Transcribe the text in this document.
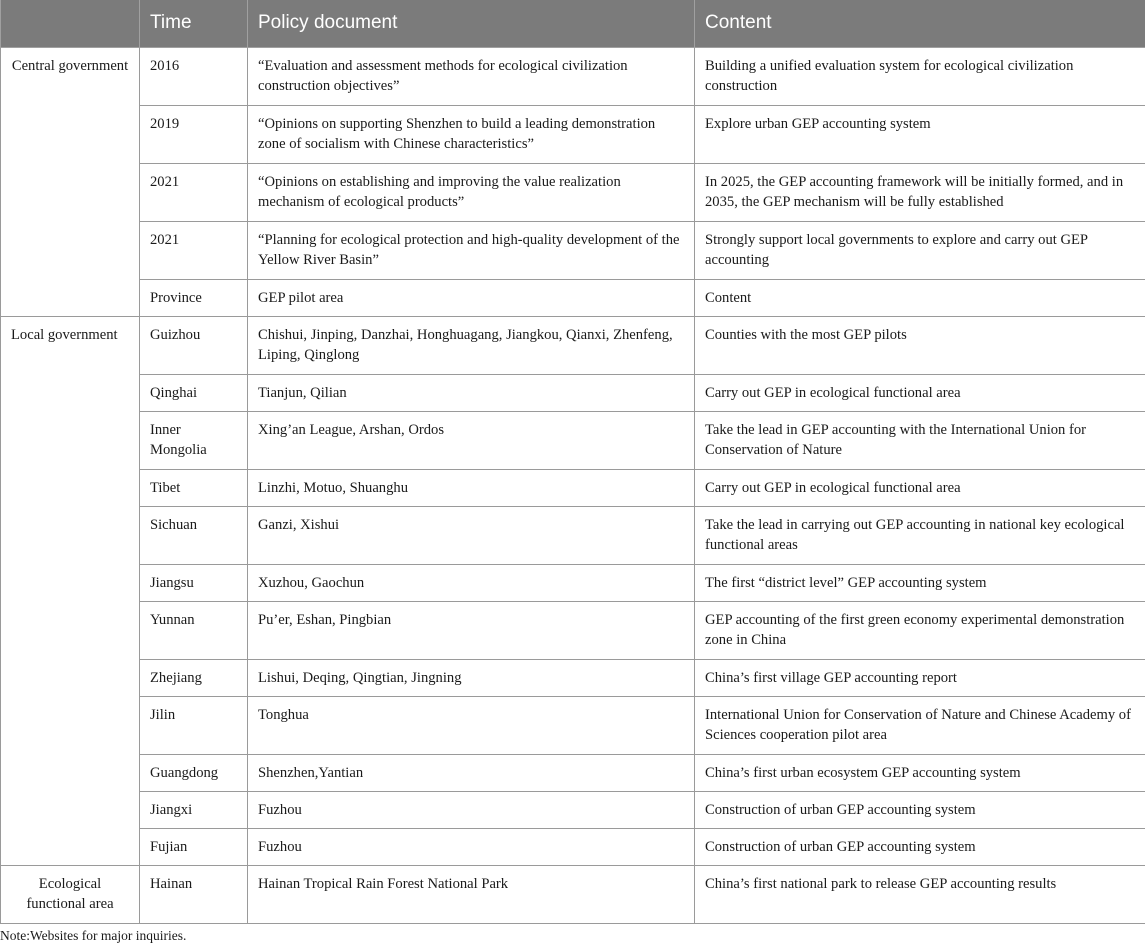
	Time	Policy document	Content
Central government	2016	“Evaluation and assessment methods for ecological civilization construction objectives”	Building a unified evaluation system for ecological civilization construction
	2019	“Opinions on supporting Shenzhen to build a leading demonstration zone of socialism with Chinese characteristics”	Explore urban GEP accounting system
	2021	“Opinions on establishing and improving the value realization mechanism of ecological products”	In 2025, the GEP accounting framework will be initially formed, and in 2035, the GEP mechanism will be fully established
	2021	“Planning for ecological protection and high-quality development of the Yellow River Basin”	Strongly support local governments to explore and carry out GEP accounting
	Province	GEP pilot area	Content
Local government	Guizhou	Chishui, Jinping, Danzhai, Honghuagang, Jiangkou, Qianxi, Zhenfeng, Liping, Qinglong	Counties with the most GEP pilots
	Qinghai	Tianjun, Qilian	Carry out GEP in ecological functional area
	Inner Mongolia	Xing’an League, Arshan, Ordos	Take the lead in GEP accounting with the International Union for Conservation of Nature
	Tibet	Linzhi, Motuo, Shuanghu	Carry out GEP in ecological functional area
	Sichuan	Ganzi, Xishui	Take the lead in carrying out GEP accounting in national key ecological functional areas
	Jiangsu	Xuzhou, Gaochun	The first “district level” GEP accounting system
	Yunnan	Pu’er, Eshan, Pingbian	GEP accounting of the first green economy experimental demonstration zone in China
	Zhejiang	Lishui, Deqing, Qingtian, Jingning	China’s first village GEP accounting report
	Jilin	Tonghua	International Union for Conservation of Nature and Chinese Academy of Sciences cooperation pilot area
	Guangdong	Shenzhen,Yantian	China’s first urban ecosystem GEP accounting system
	Jiangxi	Fuzhou	Construction of urban GEP accounting system
	Fujian	Fuzhou	Construction of urban GEP accounting system
Ecological functional area	Hainan	Hainan Tropical Rain Forest National Park	China’s first national park to release GEP accounting results
Note:Websites for major inquiries.
